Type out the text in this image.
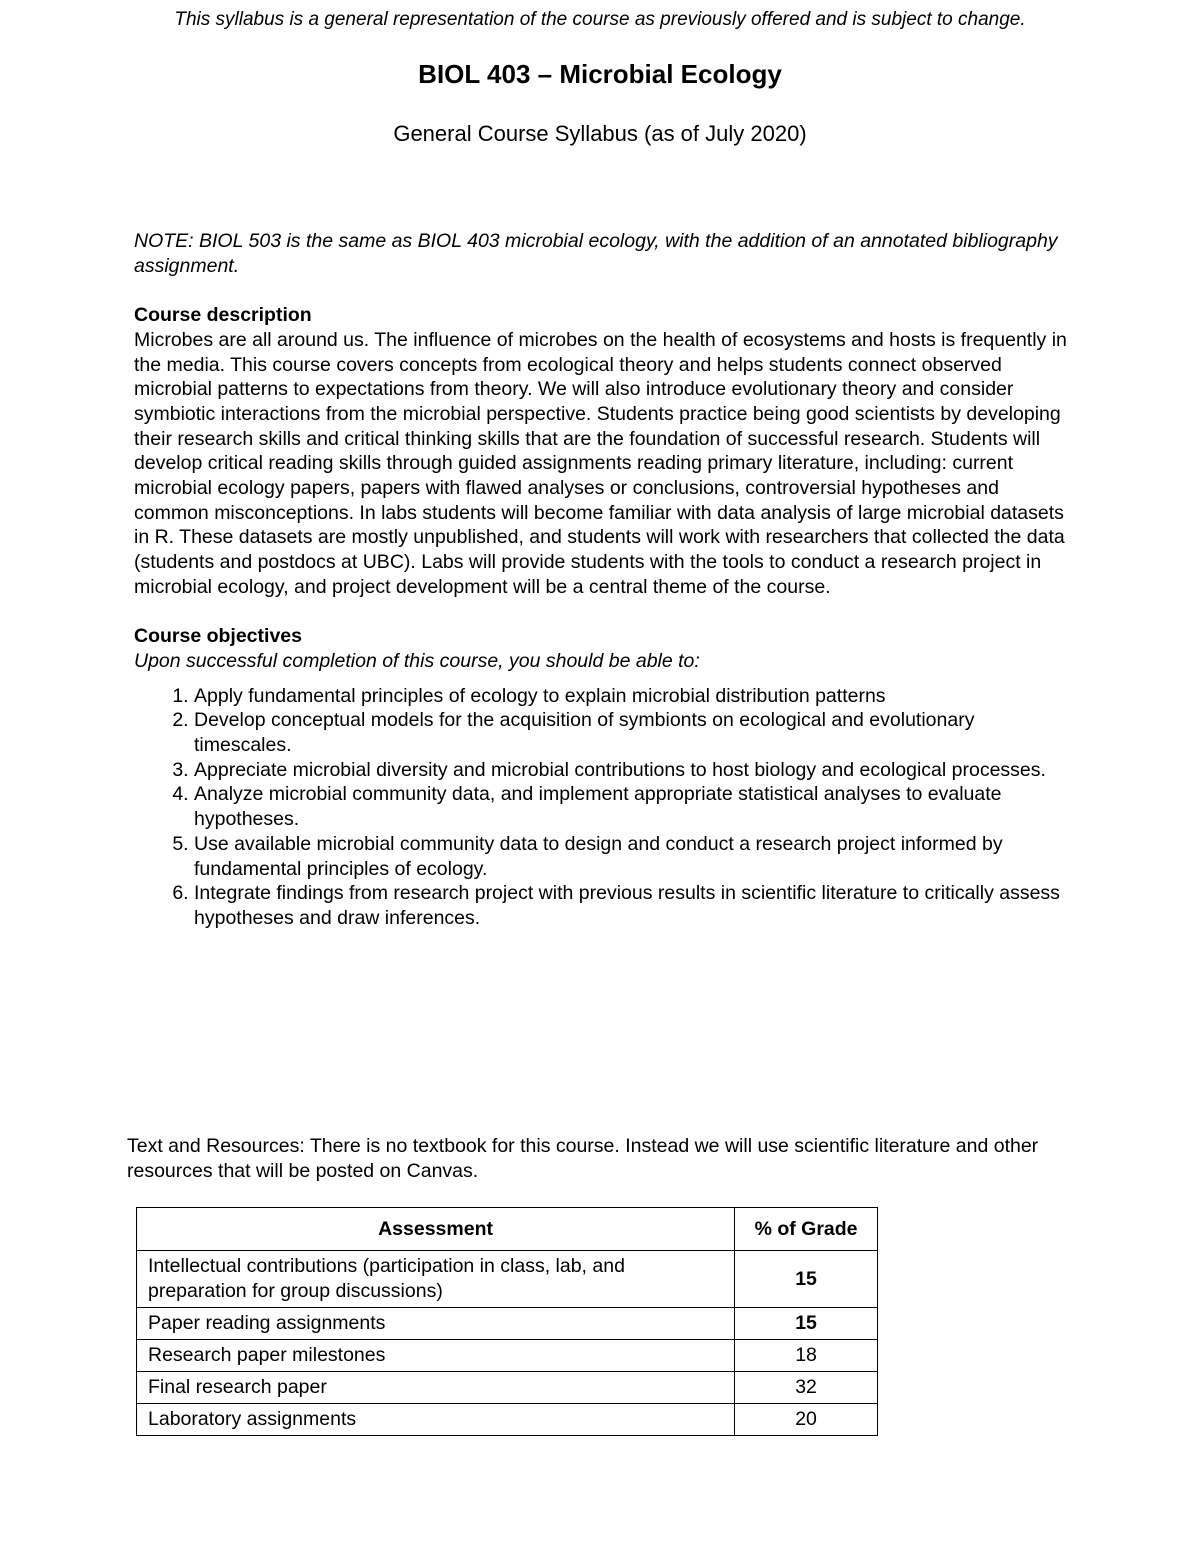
This syllabus is a general representation of the course as previously offered and is subject to change.
BIOL 403 – Microbial Ecology
General Course Syllabus (as of July 2020)

NOTE: BIOL 503 is the same as BIOL 403 microbial ecology, with the addition of an annotated bibliography assignment.

Course description

Microbes are all around us. The influence of microbes on the health of ecosystems and hosts is frequently in the media. This course covers concepts from ecological theory and helps students connect observed microbial patterns to expectations from theory. We will also introduce evolutionary theory and consider symbiotic interactions from the microbial perspective. Students practice being good scientists by developing their research skills and critical thinking skills that are the foundation of successful research. Students will develop critical reading skills through guided assignments reading primary literature, including: current microbial ecology papers, papers with flawed analyses or conclusions, controversial hypotheses and common misconceptions. In labs students will become familiar with data analysis of large microbial datasets in R. These datasets are mostly unpublished, and students will work with researchers that collected the data (students and postdocs at UBC). Labs will provide students with the tools to conduct a research project in microbial ecology, and project development will be a central theme of the course.

Course objectives

Upon successful completion of this course, you should be able to:

1. Apply fundamental principles of ecology to explain microbial distribution patterns
2. Develop conceptual models for the acquisition of symbionts on ecological and evolutionary timescales.
3. Appreciate microbial diversity and microbial contributions to host biology and ecological processes.
4. Analyze microbial community data, and implement appropriate statistical analyses to evaluate hypotheses.
5. Use available microbial community data to design and conduct a research project informed by fundamental principles of ecology.
6. Integrate findings from research project with previous results in scientific literature to critically assess hypotheses and draw inferences.
Text and Resources: There is no textbook for this course. Instead we will use scientific literature and other resources that will be posted on Canvas.
Assessment	% of Grade
Intellectual contributions (participation in class, lab, and preparation for group discussions)	15
Paper reading assignments	15
Research paper milestones	18
Final research paper	32
Laboratory assignments	20
